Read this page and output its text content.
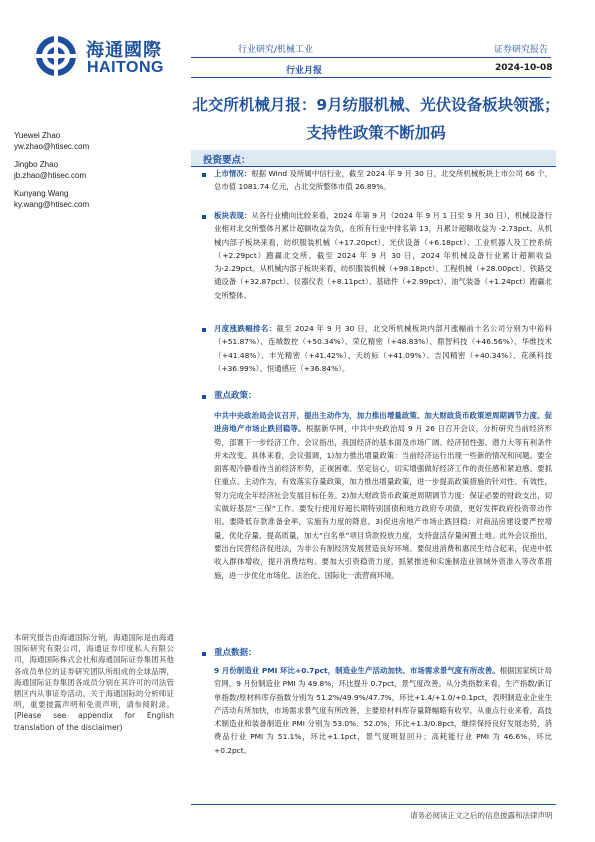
海通國際
HAITONG
行业研究/机械工业	证券研究报告
行业月报	2024-10-08
北交所机械月报：9月纺服机械、光伏设备板块领涨；支持性政策不断加码
Yuewei Zhao
yw.zhao@htisec.com
Jingbo Zhao
jb.zhao@htisec.com
Kunyang Wang
ky.wang@htisec.com
本研究报告由海通国际分销，海通国际是由海通国际研究有限公司，海通证券印度私人有限公司，海通国际株式会社和海通国际证券集团其他各成员单位的证券研究团队所组成的全球品牌，海通国际证券集团各成员分别在其许可的司法管辖区内从事证券活动。关于海通国际的分析师证明，重要披露声明和免责声明，请参阅附录。(Please see appendix for English translation of the disclaimer)
投资要点：
上市情况：根据 Wind 及所属中信行业，截至 2024 年 9 月 30 日，北交所机械板块上市公司 66 个，总市值 1081.74 亿元，占北交所整体市值 26.89%。
板块表现：从各行业横向比较来看，2024 年第 9 月（2024 年 9 月 1 日至 9 月 30 日），机械设备行业相对北交所整体月累计超额收益为负，在所有行业中排名第 13，月累计超额收益为 -2.73pct。从机械内部子板块来看，纺织服装机械（+17.20pct）、光伏设备（+6.18pct）、工业机器人及工控系统（+2.29pct）跑赢北交所。截至 2024 年 9 月 30 日，2024 年机械设备行业累计超额收益为-2.29pct。从机械内部子板块来看，纺织服装机械（+98.18pct）、工程机械（+28.00pct）、铁路交通设备（+32.87pct）、仪器仪表（+8.11pct）、基础件（+2.99pct）、油气装备（+1.24pct）跑赢北交所整体。
月度涨跌幅排名：截至 2024 年 9 月 30 日，北交所机械板块内部月涨幅前十名公司分别为中裕科（+51.87%）、连城数控（+50.34%）、荣亿精密（+48.83%）、鼎智科技（+46.56%）、华维技术（+41.48%）、丰光精密（+41.42%）、天纺标（+41.09%）、吉冈精密（+40.34%）、花溪科技（+36.99%）、恒通感应（+36.84%）。
重点政策：
中共中央政治局会议召开，提出主动作为，加力推出增量政策、加大财政货币政策逆周期调节力度、促进房地产市场止跌回稳等。根据新华网，中共中央政治局 9 月 26 日召开会议，分析研究当前经济形势，部署下一步经济工作。会议指出，我国经济的基本面及市场广阔、经济韧性强、潜力大等有利条件并未改变。具体来看，会议强调，1)加力推出增量政策：当前经济运行出现一些新的情况和问题。要全面客观冷静看待当前经济形势，正视困难、坚定信心，切实增强做好经济工作的责任感和紧迫感。要抓住重点、主动作为，有效落实存量政策，加力推出增量政策，进一步提高政策措施的针对性、有效性，努力完成全年经济社会发展目标任务。2)加大财政货币政策逆周期调节力度：保证必要的财政支出，切实做好基层“三保”工作。要发行使用好超长期特别国债和地方政府专项债，更好发挥政府投资带动作用。要降低存款准备金率，实施有力度的降息。3)促进房地产市场止跌回稳：对商品房建设要严控增量、优化存量、提高质量，加大“白名单”项目贷款投放力度，支持盘活存量闲置土地。此外会议指出，要出台民营经济促进法，为非公有制经济发展营造良好环境。要促进消费和惠民生结合起来，促进中低收入群体增收，提升消费结构。要加大引资稳资力度，抓紧推进和实施制造业领域外资准入等改革措施，进一步优化市场化、法治化、国际化一流营商环境。
重点数据：
9 月份制造业 PMI 环比+0.7pct，制造业生产活动加快、市场需求景气度有所改善。根据国家统计局官网，9 月份制造业 PMI 为 49.8%，环比提升 0.7pct，景气度改善。从分类指数来看，生产指数/新订单指数/原材料库存指数分别为 51.2%/49.9%/47.7%，环比+1.4/+1.0/+0.1pct，表明制造业企业生产活动有所加快，市场需求景气度有所改善，主要原材料库存量降幅略有收窄。从重点行业来看，高技术制造业和装备制造业 PMI 分别为 53.0%、52.0%，环比+1.3/0.8pct，继续保持良好发展态势，消费品行业 PMI 为 51.1%，环比+1.1pct，景气度明显回升；高耗能行业 PMI 为 46.6%，环比+0.2pct。
请务必阅读正文之后的信息披露和法律声明
